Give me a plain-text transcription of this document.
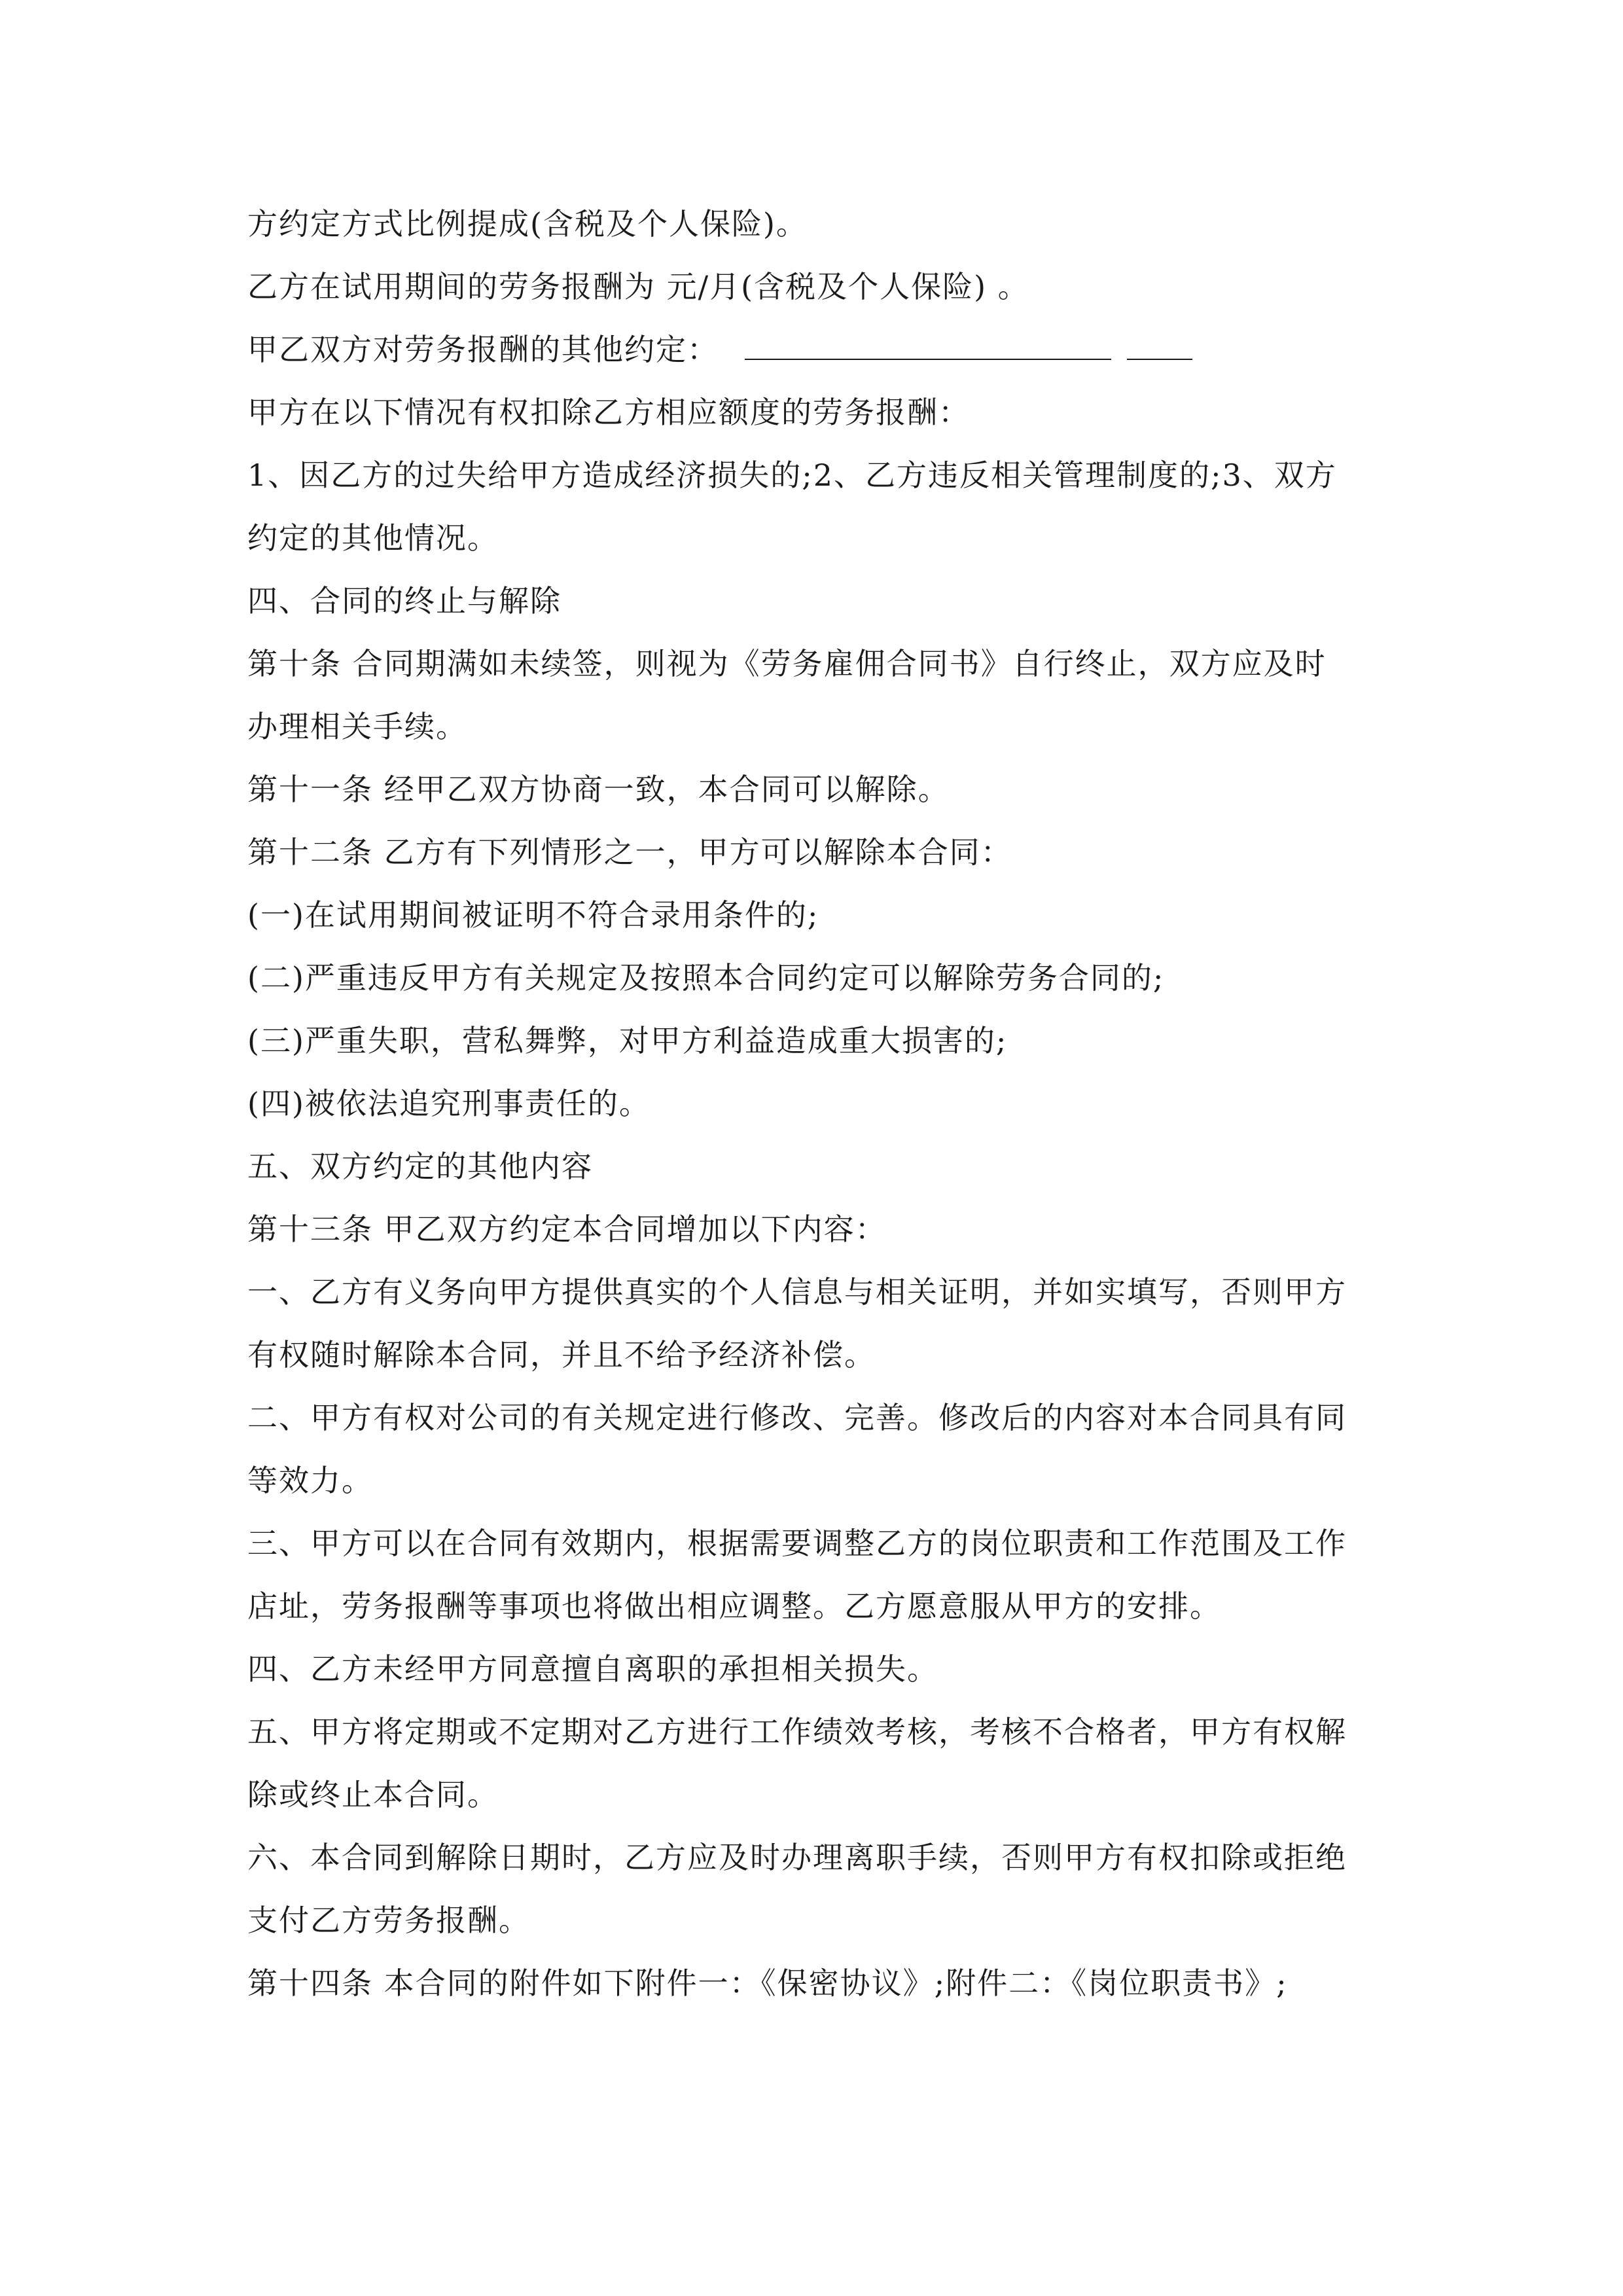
方约定方式比例提成(含税及个人保险)。
乙方在试用期间的劳务报酬为 元/月(含税及个人保险) 。
甲乙双方对劳务报酬的其他约定：
甲方在以下情况有权扣除乙方相应额度的劳务报酬：
1、因乙方的过失给甲方造成经济损失的;2、乙方违反相关管理制度的;3、双方
约定的其他情况。
四、合同的终止与解除
第十条 合同期满如未续签，则视为《劳务雇佣合同书》自行终止，双方应及时
办理相关手续。
第十一条 经甲乙双方协商一致，本合同可以解除。
第十二条 乙方有下列情形之一，甲方可以解除本合同：
(一)在试用期间被证明不符合录用条件的;
(二)严重违反甲方有关规定及按照本合同约定可以解除劳务合同的;
(三)严重失职，营私舞弊，对甲方利益造成重大损害的;
(四)被依法追究刑事责任的。
五、双方约定的其他内容
第十三条 甲乙双方约定本合同增加以下内容：
一、乙方有义务向甲方提供真实的个人信息与相关证明，并如实填写，否则甲方
有权随时解除本合同，并且不给予经济补偿。
二、甲方有权对公司的有关规定进行修改、完善。修改后的内容对本合同具有同
等效力。
三、甲方可以在合同有效期内，根据需要调整乙方的岗位职责和工作范围及工作
店址，劳务报酬等事项也将做出相应调整。乙方愿意服从甲方的安排。
四、乙方未经甲方同意擅自离职的承担相关损失。
五、甲方将定期或不定期对乙方进行工作绩效考核，考核不合格者，甲方有权解
除或终止本合同。
六、本合同到解除日期时，乙方应及时办理离职手续，否则甲方有权扣除或拒绝
支付乙方劳务报酬。
第十四条 本合同的附件如下附件一：《保密协议》;附件二：《岗位职责书》;
